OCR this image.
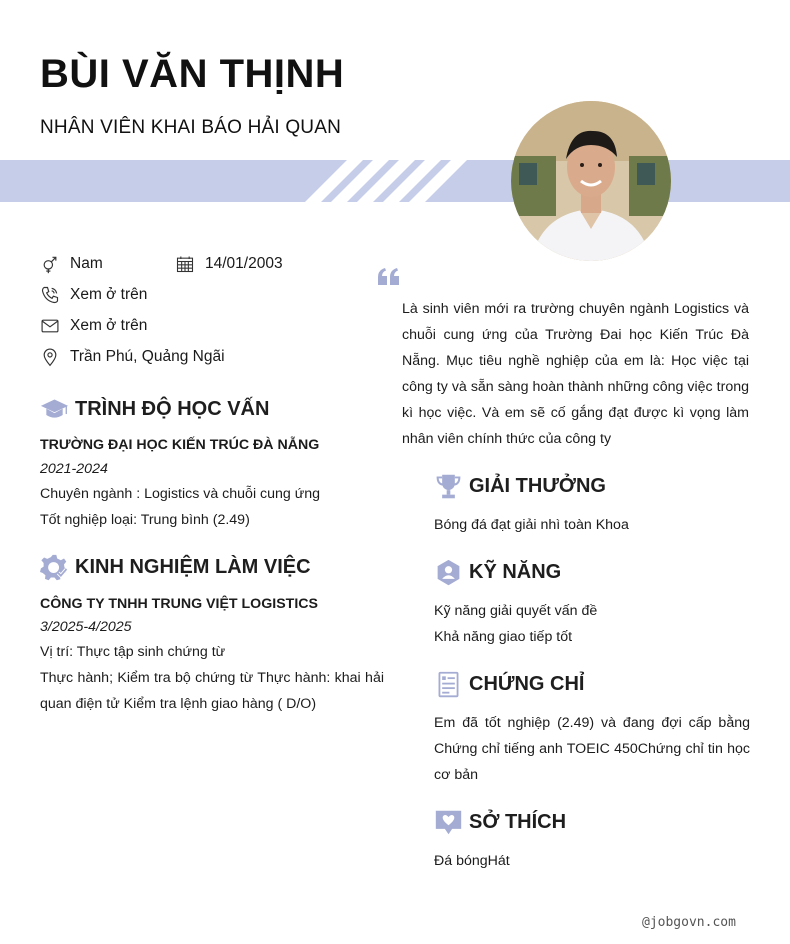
BÙI VĂN THỊNH
NHÂN VIÊN KHAI BÁO HẢI QUAN
Nam	14/01/2003
Xem ở trên
Xem ở trên
Trần Phú, Quảng Ngãi
TRÌNH ĐỘ HỌC VẤN
TRƯỜNG ĐẠI HỌC KIẾN TRÚC ĐÀ NẴNG
2021-2024
Chuyên ngành : Logistics và chuỗi cung ứng
Tốt nghiệp loại: Trung bình (2.49)
KINH NGHIỆM LÀM VIỆC
CÔNG TY TNHH TRUNG VIỆT LOGISTICS
3/2025-4/2025
Vị trí: Thực tập sinh chứng từ
Thực hành; Kiểm tra bộ chứng từ Thực hành: khai hải quan điện tử Kiểm tra lệnh giao hàng ( D/O)
Là sinh viên mới ra trường chuyên ngành Logistics và chuỗi cung ứng của Trường Đai học Kiến Trúc Đà Nẵng. Mục tiêu nghề nghiệp của em là: Học việc tại công ty và sẵn sàng hoàn thành những công việc trong kì học việc. Và em sẽ cố gắng đạt được kì vọng làm nhân viên chính thức của công ty
GIẢI THƯỞNG
Bóng đá đạt giải nhì toàn Khoa
KỸ NĂNG
Kỹ năng giải quyết vấn đề
Khả năng giao tiếp tốt
CHỨNG CHỈ
Em đã tốt nghiệp (2.49) và đang đợi cấp bằng Chứng chỉ tiếng anh TOEIC 450Chứng chỉ tin học cơ bản
SỞ THÍCH
Đá bóngHát
@jobgovn.com
